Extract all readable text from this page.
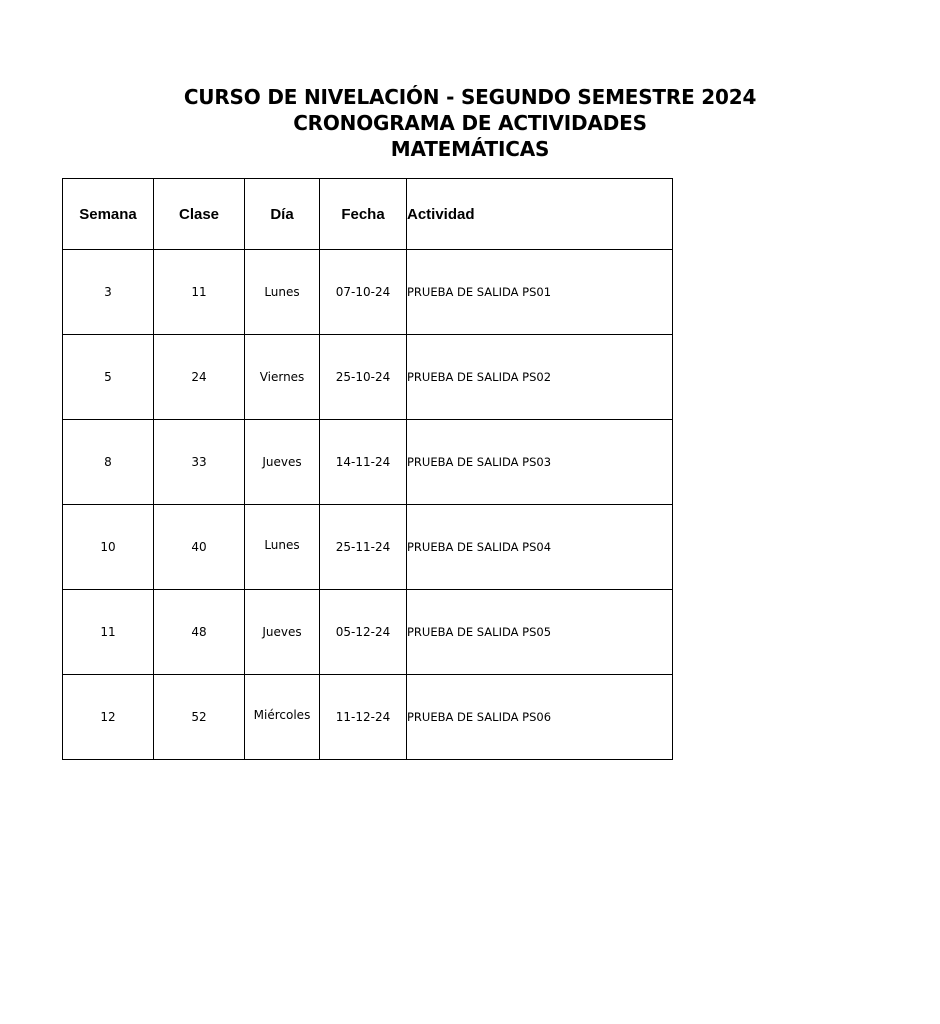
CURSO DE NIVELACIÓN - SEGUNDO SEMESTRE 2024
CRONOGRAMA DE ACTIVIDADES
MATEMÁTICAS
Semana	Clase	Día	Fecha	Actividad
3	11	Lunes	07-10-24	PRUEBA DE SALIDA PS01
5	24	Viernes	25-10-24	PRUEBA DE SALIDA PS02
8	33	Jueves	14-11-24	PRUEBA DE SALIDA PS03
10	40	Lunes	25-11-24	PRUEBA DE SALIDA PS04
11	48	Jueves	05-12-24	PRUEBA DE SALIDA PS05
12	52	Miércoles	11-12-24	PRUEBA DE SALIDA PS06
